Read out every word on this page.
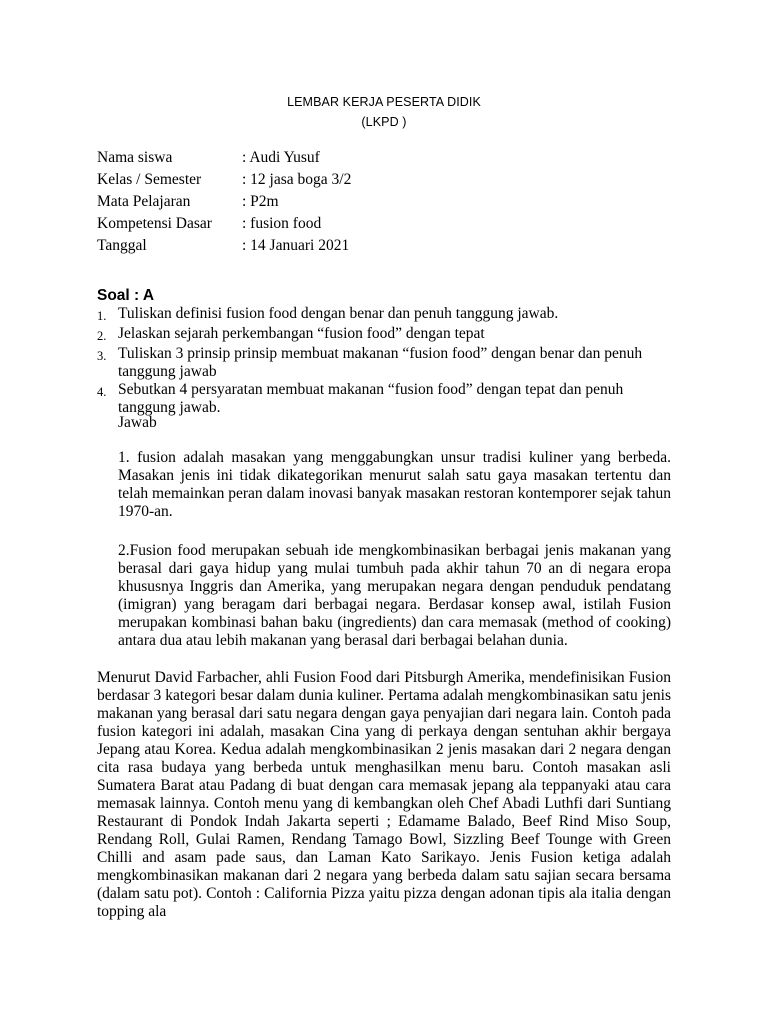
LEMBAR KERJA PESERTA DIDIK
(LKPD )
Nama siswa	: Audi Yusuf
Kelas / Semester	: 12 jasa boga 3/2
Mata Pelajaran	: P2m
Kompetensi Dasar	: fusion food
Tanggal	: 14 Januari 2021
Soal : A
1. Tuliskan definisi fusion food dengan benar dan penuh tanggung jawab.
2. Jelaskan sejarah perkembangan “fusion food” dengan tepat
3. Tuliskan 3 prinsip prinsip membuat makanan “fusion food” dengan benar dan penuh tanggung jawab
4. Sebutkan 4 persyaratan membuat makanan “fusion food” dengan tepat dan penuh tanggung jawab.
Jawab
1. fusion adalah masakan yang menggabungkan unsur tradisi kuliner yang berbeda. Masakan jenis ini tidak dikategorikan menurut salah satu gaya masakan tertentu dan telah memainkan peran dalam inovasi banyak masakan restoran kontemporer sejak tahun 1970-an.
2.Fusion food merupakan sebuah ide mengkombinasikan berbagai jenis makanan yang berasal dari gaya hidup yang mulai tumbuh pada akhir tahun 70 an di negara eropa khususnya Inggris dan Amerika, yang merupakan negara dengan penduduk pendatang (imigran) yang beragam dari berbagai negara. Berdasar konsep awal, istilah Fusion merupakan kombinasi bahan baku (ingredients) dan cara memasak (method of cooking) antara dua atau lebih makanan yang berasal dari berbagai belahan dunia.
Menurut David Farbacher, ahli Fusion Food dari Pitsburgh Amerika, mendefinisikan Fusion berdasar 3 kategori besar dalam dunia kuliner. Pertama adalah mengkombinasikan satu jenis makanan yang berasal dari satu negara dengan gaya penyajian dari negara lain. Contoh pada fusion kategori ini adalah, masakan Cina yang di perkaya dengan sentuhan akhir bergaya Jepang atau Korea. Kedua adalah mengkombinasikan 2 jenis masakan dari 2 negara dengan cita rasa budaya yang berbeda untuk menghasilkan menu baru. Contoh masakan asli Sumatera Barat atau Padang di buat dengan cara memasak jepang ala teppanyaki atau cara memasak lainnya. Contoh menu yang di kembangkan oleh Chef Abadi Luthfi dari Suntiang Restaurant di Pondok Indah Jakarta seperti ; Edamame Balado, Beef Rind Miso Soup, Rendang Roll, Gulai Ramen, Rendang Tamago Bowl, Sizzling Beef Tounge with Green Chilli and asam pade saus, dan Laman Kato Sarikayo. Jenis Fusion ketiga adalah mengkombinasikan makanan dari 2 negara yang berbeda dalam satu sajian secara bersama (dalam satu pot). Contoh : California Pizza yaitu pizza dengan adonan tipis ala italia dengan topping ala
